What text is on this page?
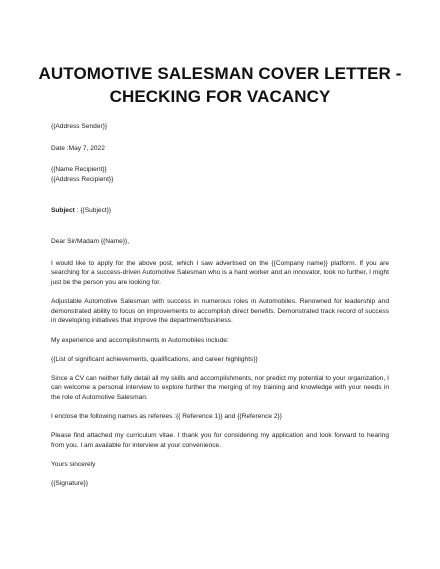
AUTOMOTIVE SALESMAN COVER LETTER - CHECKING FOR VACANCY

{{Address Sender}}

Date :May 7, 2022

{{Name Recipient}}

{{Address Recipient}}

Subject : {{Subject}}

Dear Sir/Madam {{Name}},

I would like to apply for the above post, which I saw advertised on the {{Company name}} platform. If you are searching for a success-driven Automotive Salesman who is a hard worker and an innovator, look no further, I might just be the person you are looking for.

Adjustable Automotive Salesman with success in numerous roles in Automobiles. Renowned for leadership and demonstrated ability to focus on improvements to accomplish direct benefits. Demonstrated track record of success in developing initiatives that improve the department/business.

My experience and accomplishments in Automobiles include:

{{List of significant achievements, qualifications, and career highlights}}

Since a CV can neither fully detail all my skills and accomplishments, nor predict my potential to your organization, I can welcome a personal interview to explore further the merging of my training and knowledge with your needs in the role of Automotive Salesman.

I enclose the following names as referees :{{ Reference 1}} and {{Reference 2}}

Please find attached my curriculum vitae. I thank you for considering my application and look forward to hearing from you. I am available for interview at your convenience.

Yours sincerely

{{Signature}}
